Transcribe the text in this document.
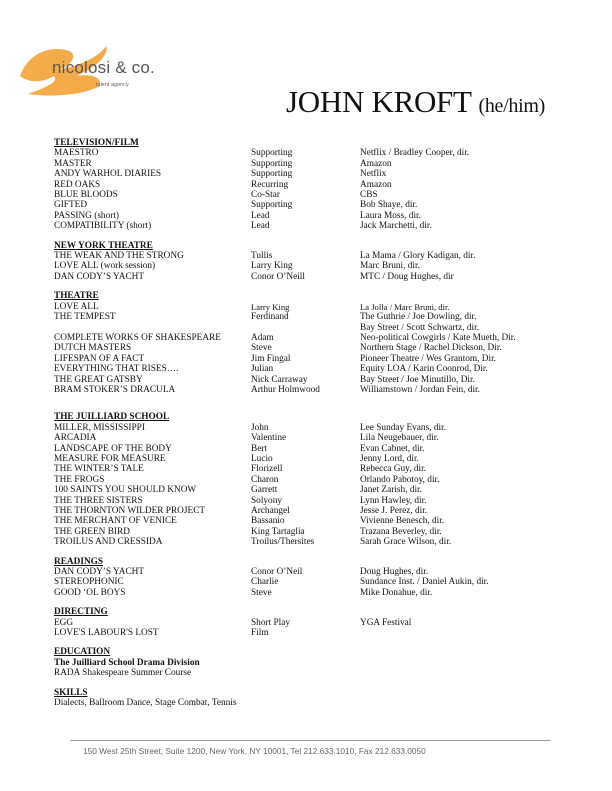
nicolosi & co.
talent agency	JOHN KROFT (he/him)
TELEVISION/FILM
MAESTRO	Supporting	Netflix / Bradley Cooper, dir.
MASTER	Supporting	Amazon
ANDY WARHOL DIARIES	Supporting	Netflix
RED OAKS	Recurring	Amazon
BLUE BLOODS	Co-Star	CBS
GIFTED	Supporting	Bob Shaye, dir.
PASSING (short)	Lead	Laura Moss, dir.
COMPATIBILITY (short)	Lead	Jack Marchetti, dir.
NEW YORK THEATRE
THE WEAK AND THE STRONG	Tullis	La Mama / Glory Kadigan, dir.
LOVE ALL (work session)	Larry King	Marc Bruni, dir.
DAN CODY’S YACHT	Conor O’Neill	MTC / Doug Hughes, dir
THEATRE
LOVE ALL	Larry King	La Jolla / Marc Bruni, dir.
THE TEMPEST	Ferdinand	The Guthrie / Joe Dowling, dir.
Bay Street / Scott Schwartz, dir.
COMPLETE WORKS OF SHAKESPEARE	Adam	Neo-political Cowgirls / Kate Mueth, Dir.
DUTCH MASTERS	Steve	Northern Stage / Rachel Dickson, Dir.
LIFESPAN OF A FACT	Jim Fingal	Pioneer Theatre / Wes Grantom, Dir.
EVERYTHING THAT RISES….	Julian	Equity LOA / Karin Coonrod, Dir.
THE GREAT GATSBY	Nick Carraway	Bay Street / Joe Minutillo, Dir.
BRAM STOKER’S DRACULA	Arthur Holmwood	Williamstown / Jordan Fein, dir.
THE JUILLIARD SCHOOL
MILLER, MISSISSIPPI	John	Lee Sunday Evans, dir.
ARCADIA	Valentine	Lila Neugebauer, dir.
LANDSCAPE OF THE BODY	Bert	Evan Cabnet, dir.
MEASURE FOR MEASURE	Lucio	Jenny Lord, dir.
THE WINTER’S TALE	Florizell	Rebecca Guy, dir.
THE FROGS	Charon	Orlando Pabotoy, dir.
100 SAINTS YOU SHOULD KNOW	Garrett	Janet Zarish, dir.
THE THREE SISTERS	Solyony	Lynn Hawley, dir.
THE THORNTON WILDER PROJECT	Archangel	Jesse J. Perez, dir.
THE MERCHANT OF VENICE	Bassanio	Vivienne Benesch, dir.
THE GREEN BIRD	King Tartaglia	Trazana Beverley, dir.
TROILUS AND CRESSIDA	Troilus/Thersites	Sarah Grace Wilson, dir.
READINGS
DAN CODY’S YACHT	Conor O’Neil	Doug Hughes, dir.
STEREOPHONIC	Charlie	Sundance Inst. / Daniel Aukin, dir.
GOOD ‘OL BOYS	Steve	Mike Donahue, dir.
DIRECTING
EGG	Short Play	YGA Festival
LOVE'S LABOUR'S LOST	Film
EDUCATION
The Juilliard School Drama Division
RADA Shakespeare Summer Course
SKILLS
Dialects, Ballroom Dance, Stage Combat, Tennis
150 West 25th Street, Suite 1200, New York, NY 10001, Tel 212.633.1010, Fax 212.633.0050
